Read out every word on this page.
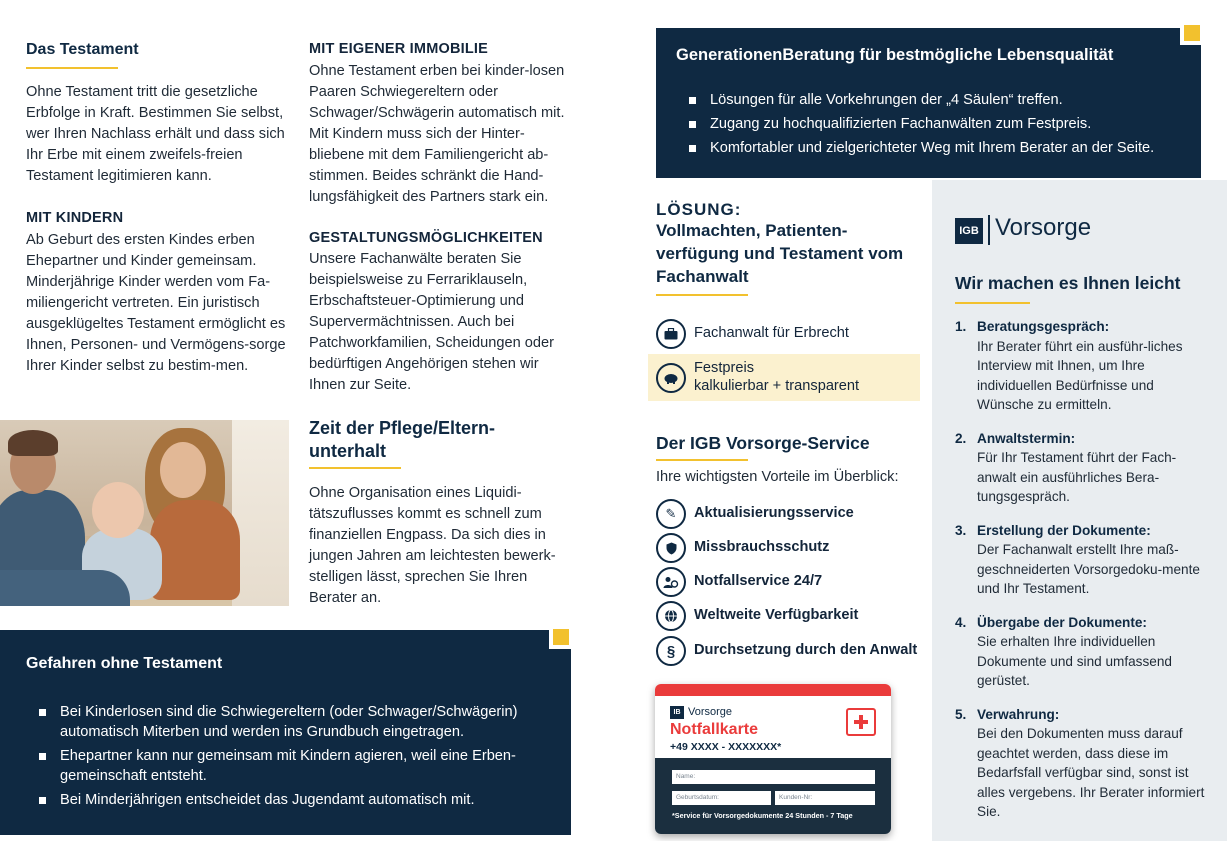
Das Testament
Ohne Testament tritt die gesetzliche Erbfolge in Kraft. Bestimmen Sie selbst, wer Ihren Nachlass erhält und dass sich Ihr Erbe mit einem zweifels-freien Testament legitimieren kann.
MIT KINDERN
Ab Geburt des ersten Kindes erben Ehepartner und Kinder gemeinsam. Minderjährige Kinder werden vom Fa-miliengericht vertreten. Ein juristisch ausgeklügeltes Testament ermöglicht es Ihnen, Personen- und Vermögens-sorge Ihrer Kinder selbst zu bestim-men.
MIT EIGENER IMMOBILIE
Ohne Testament erben bei kinder-losen Paaren Schwiegereltern oder Schwager/Schwägerin automatisch mit. Mit Kindern muss sich der Hinter-bliebene mit dem Familiengericht ab-stimmen. Beides schränkt die Hand-lungsfähigkeit des Partners stark ein.
GESTALTUNGSMÖGLICHKEITEN
Unsere Fachanwälte beraten Sie beispielsweise zu Ferrariklauseln, Erbschaftsteuer-Optimierung und Supervermächtnissen. Auch bei Patchworkfamilien, Scheidungen oder bedürftigen Angehörigen stehen wir Ihnen zur Seite.
Zeit der Pflege/Eltern-
unterhalt
Ohne Organisation eines Liquidi-tätszuflusses kommt es schnell zum finanziellen Engpass. Da sich dies in jungen Jahren am leichtesten bewerk-stelligen lässt, sprechen Sie Ihren Berater an.
Gefahren ohne Testament
Bei Kinderlosen sind die Schwiegereltern (oder Schwager/Schwägerin) automatisch Miterben und werden ins Grundbuch eingetragen.
Ehepartner kann nur gemeinsam mit Kindern agieren, weil eine Erben-gemeinschaft entsteht.
Bei Minderjährigen entscheidet das Jugendamt automatisch mit.
GenerationenBeratung für bestmögliche Lebensqualität
Lösungen für alle Vorkehrungen der „4 Säulen“ treffen.
Zugang zu hochqualifizierten Fachanwälten zum Festpreis.
Komfortabler und zielgerichteter Weg mit Ihrem Berater an der Seite.
LÖSUNG:
Vollmachten, Patienten-
verfügung und Testament vom
Fachanwalt
Fachanwalt für Erbrecht
Festpreis
kalkulierbar + transparent
Der IGB Vorsorge-Service
Ihre wichtigsten Vorteile im Überblick:
✎	Aktualisierungsservice
Missbrauchsschutz
Notfallservice 24/7
Weltweite Verfügbarkeit
§	Durchsetzung durch den Anwalt
IB Vorsorge
Notfallkarte
+49 XXXX - XXXXXXX*
Name:
Geburtsdatum:	Kunden-Nr:
*Service für Vorsorgedokumente 24 Stunden - 7 Tage
IGB Vorsorge
Wir machen es Ihnen leicht
1. Beratungsgespräch:
Ihr Berater führt ein ausführ-liches Interview mit Ihnen, um Ihre individuellen Bedürfnisse und Wünsche zu ermitteln.
2. Anwaltstermin:
Für Ihr Testament führt der Fach-anwalt ein ausführliches Bera-tungsgespräch.
3. Erstellung der Dokumente:
Der Fachanwalt erstellt Ihre maß-geschneiderten Vorsorgedoku-mente und Ihr Testament.
4. Übergabe der Dokumente:
Sie erhalten Ihre individuellen Dokumente und sind umfassend gerüstet.
5. Verwahrung:
Bei den Dokumenten muss darauf geachtet werden, dass diese im Bedarfsfall verfügbar sind, sonst ist alles vergebens. Ihr Berater informiert Sie.
